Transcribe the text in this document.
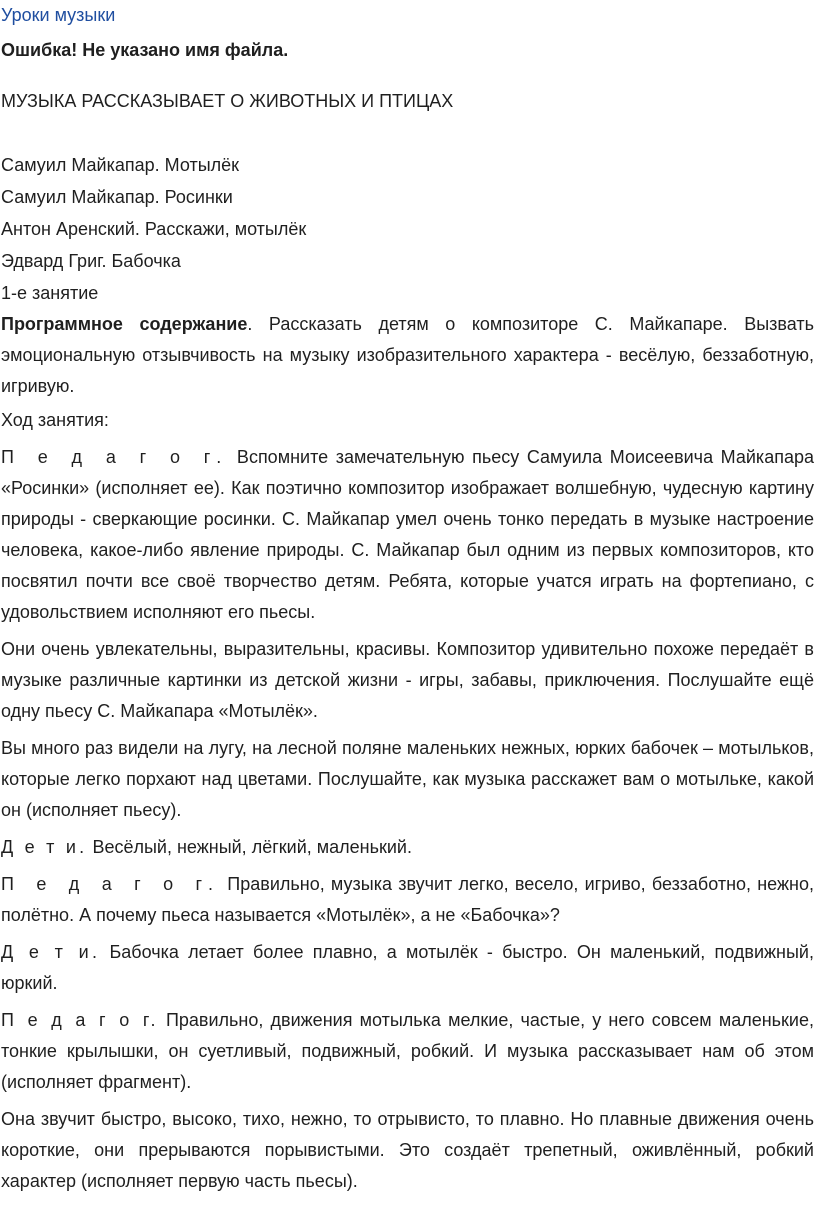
Уроки музыки

Ошибка! Не указано имя файла.

МУЗЫКА РАССКАЗЫВАЕТ О ЖИВОТНЫХ И ПТИЦАХ

Самуил Майкапар. Мотылёк

Самуил Майкапар. Росинки

Антон Аренский. Расскажи, мотылёк

Эдвард Григ. Бабочка

1-е занятие

Программное содержание. Рассказать детям о композиторе С. Майкапаре. Вызвать эмоциональную отзывчивость на музыку изобразительного характера - весёлую, беззаботную, игривую.

Ход занятия:

П е д а г о г. Вспомните замечательную пьесу Самуила Моисеевича Майкапара «Росинки» (исполняет ее). Как поэтично композитор изображает волшебную, чудесную картину природы - сверкающие росинки. С. Майкапар умел очень тонко передать в музыке настроение человека, какое-либо явление природы. С. Майкапар был одним из первых композиторов, кто посвятил почти все своё творчество детям. Ребята, которые учатся играть на фортепиано, с удовольствием исполняют его пьесы.

Они очень увлекательны, выразительны, красивы. Композитор удивительно похоже передаёт в музыке различные картинки из детской жизни - игры, забавы, приключения. Послушайте ещё одну пьесу С. Майкапара «Мотылёк».

Вы много раз видели на лугу, на лесной поляне маленьких нежных, юрких бабочек – мотыльков, которые легко порхают над цветами. Послушайте, как музыка расскажет вам о мотыльке, какой он (исполняет пьесу).

Д е т и. Весёлый, нежный, лёгкий, маленький.

П е д а г о г. Правильно, музыка звучит легко, весело, игриво, беззаботно, нежно, полётно. А почему пьеса называется «Мотылёк», а не «Бабочка»?

Д е т и. Бабочка летает более плавно, а мотылёк - быстро. Он маленький, подвижный, юркий.

П е д а г о г. Правильно, движения мотылька мелкие, частые, у него совсем маленькие, тонкие крылышки, он суетливый, подвижный, робкий. И музыка рассказывает нам об этом (исполняет фрагмент).

Она звучит быстро, высоко, тихо, нежно, то отрывисто, то плавно. Но плавные движения очень короткие, они прерываются порывистыми. Это создаёт трепетный, оживлённый, робкий характер (исполняет первую часть пьесы).
